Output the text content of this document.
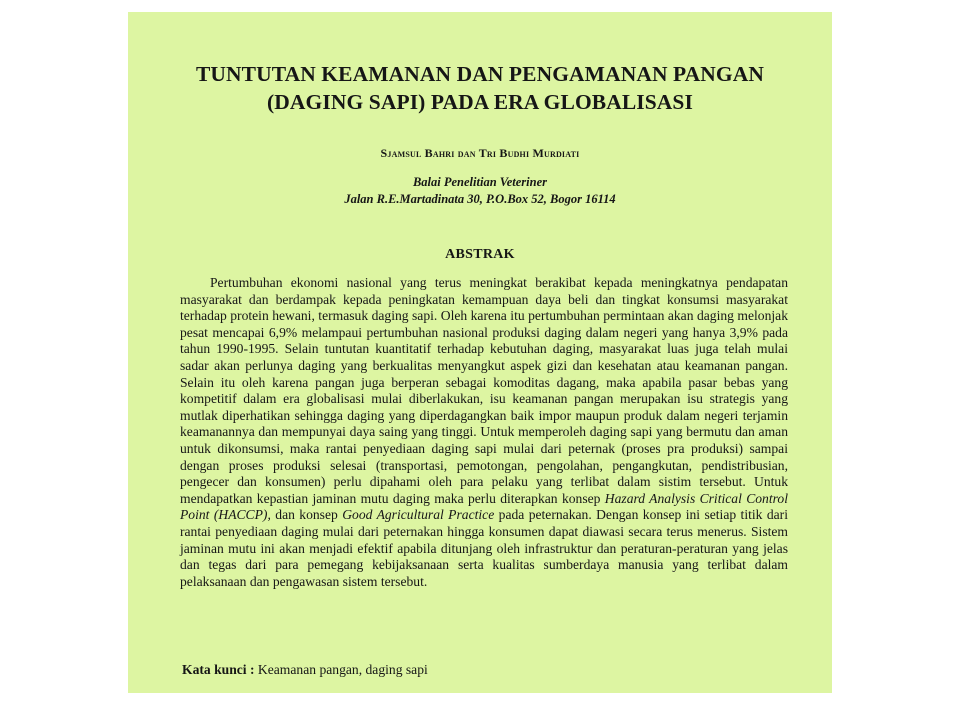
TUNTUTAN KEAMANAN DAN PENGAMANAN PANGAN
(DAGING SAPI) PADA ERA GLOBALISASI
Sjamsul Bahri dan Tri Budhi Murdiati
Balai Penelitian Veteriner
Jalan R.E.Martadinata 30, P.O.Box 52, Bogor 16114
ABSTRAK

Pertumbuhan ekonomi nasional yang terus meningkat berakibat kepada meningkatnya pendapatan masyarakat dan berdampak kepada peningkatan kemampuan daya beli dan tingkat konsumsi masyarakat terhadap protein hewani, termasuk daging sapi. Oleh karena itu pertumbuhan permintaan akan daging melonjak pesat mencapai 6,9% melampaui pertumbuhan nasional produksi daging dalam negeri yang hanya 3,9% pada tahun 1990-1995. Selain tuntutan kuantitatif terhadap kebutuhan daging, masyarakat luas juga telah mulai sadar akan perlunya daging yang berkualitas menyangkut aspek gizi dan kesehatan atau keamanan pangan. Selain itu oleh karena pangan juga berperan sebagai komoditas dagang, maka apabila pasar bebas yang kompetitif dalam era globalisasi mulai diberlakukan, isu keamanan pangan merupakan isu strategis yang mutlak diperhatikan sehingga daging yang diperdagangkan baik impor maupun produk dalam negeri terjamin keamanannya dan mempunyai daya saing yang tinggi. Untuk memperoleh daging sapi yang bermutu dan aman untuk dikonsumsi, maka rantai penyediaan daging sapi mulai dari peternak (proses pra produksi) sampai dengan proses produksi selesai (transportasi, pemotongan, pengolahan, pengangkutan, pendistribusian, pengecer dan konsumen) perlu dipahami oleh para pelaku yang terlibat dalam sistim tersebut. Untuk mendapatkan kepastian jaminan mutu daging maka perlu diterapkan konsep Hazard Analysis Critical Control Point (HACCP), dan konsep Good Agricultural Practice pada peternakan. Dengan konsep ini setiap titik dari rantai penyediaan daging mulai dari peternakan hingga konsumen dapat diawasi secara terus menerus. Sistem jaminan mutu ini akan menjadi efektif apabila ditunjang oleh infrastruktur dan peraturan-peraturan yang jelas dan tegas dari para pemegang kebijaksanaan serta kualitas sumberdaya manusia yang terlibat dalam pelaksanaan dan pengawasan sistem tersebut.

Kata kunci : Keamanan pangan, daging sapi
